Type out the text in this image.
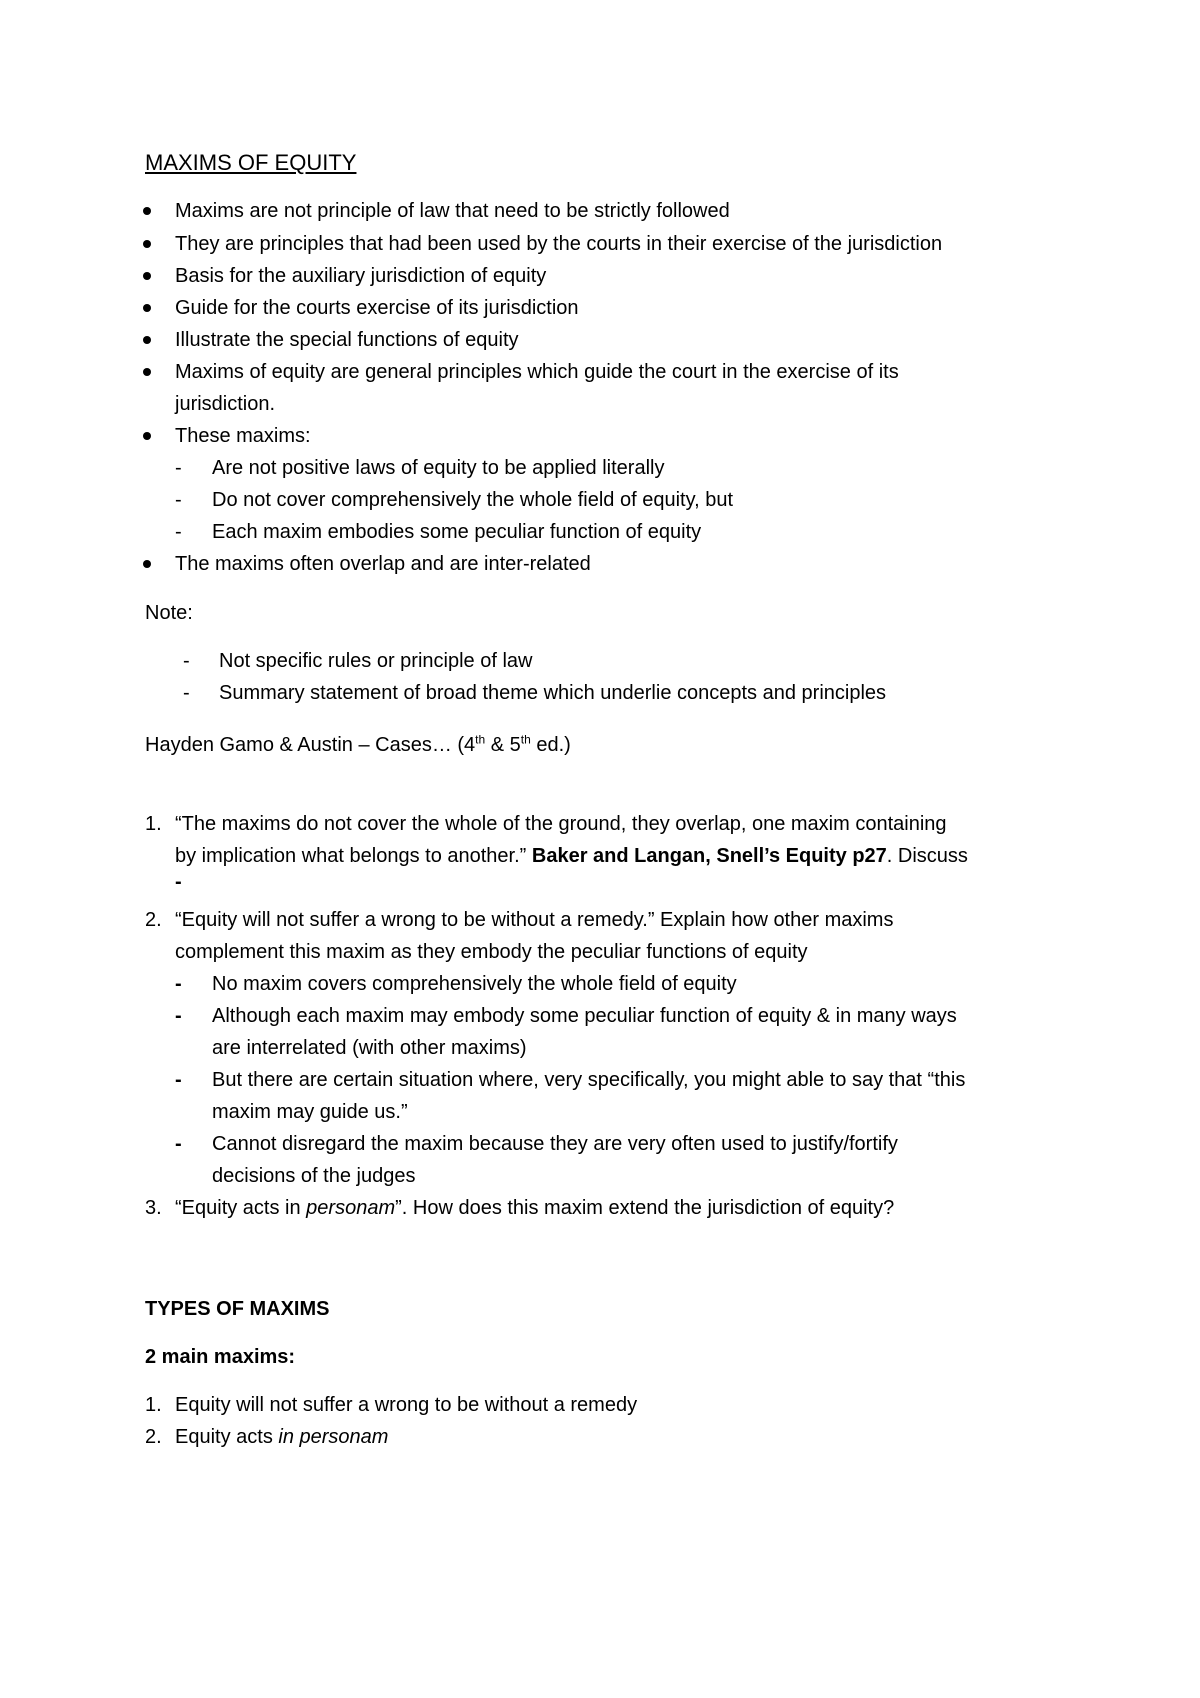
MAXIMS OF EQUITY
Maxims are not principle of law that need to be strictly followed
They are principles that had been used by the courts in their exercise of the jurisdiction
Basis for the auxiliary jurisdiction of equity
Guide for the courts exercise of its jurisdiction
Illustrate the special functions of equity
Maxims of equity are general principles which guide the court in the exercise of its
jurisdiction.
These maxims:
- Are not positive laws of equity to be applied literally
- Do not cover comprehensively the whole field of equity, but
- Each maxim embodies some peculiar function of equity
The maxims often overlap and are inter-related
Note:
- Not specific rules or principle of law
- Summary statement of broad theme which underlie concepts and principles
Hayden Gamo & Austin – Cases… (4th & 5th ed.)
1. “The maxims do not cover the whole of the ground, they overlap, one maxim containing
by implication what belongs to another.” Baker and Langan, Snell’s Equity p27. Discuss
-
2. “Equity will not suffer a wrong to be without a remedy.” Explain how other maxims
complement this maxim as they embody the peculiar functions of equity
- No maxim covers comprehensively the whole field of equity
- Although each maxim may embody some peculiar function of equity & in many ways
are interrelated (with other maxims)
- But there are certain situation where, very specifically, you might able to say that “this
maxim may guide us.”
- Cannot disregard the maxim because they are very often used to justify/fortify
decisions of the judges
3. “Equity acts in personam”. How does this maxim extend the jurisdiction of equity?
TYPES OF MAXIMS
2 main maxims:
1. Equity will not suffer a wrong to be without a remedy
2. Equity acts in personam
